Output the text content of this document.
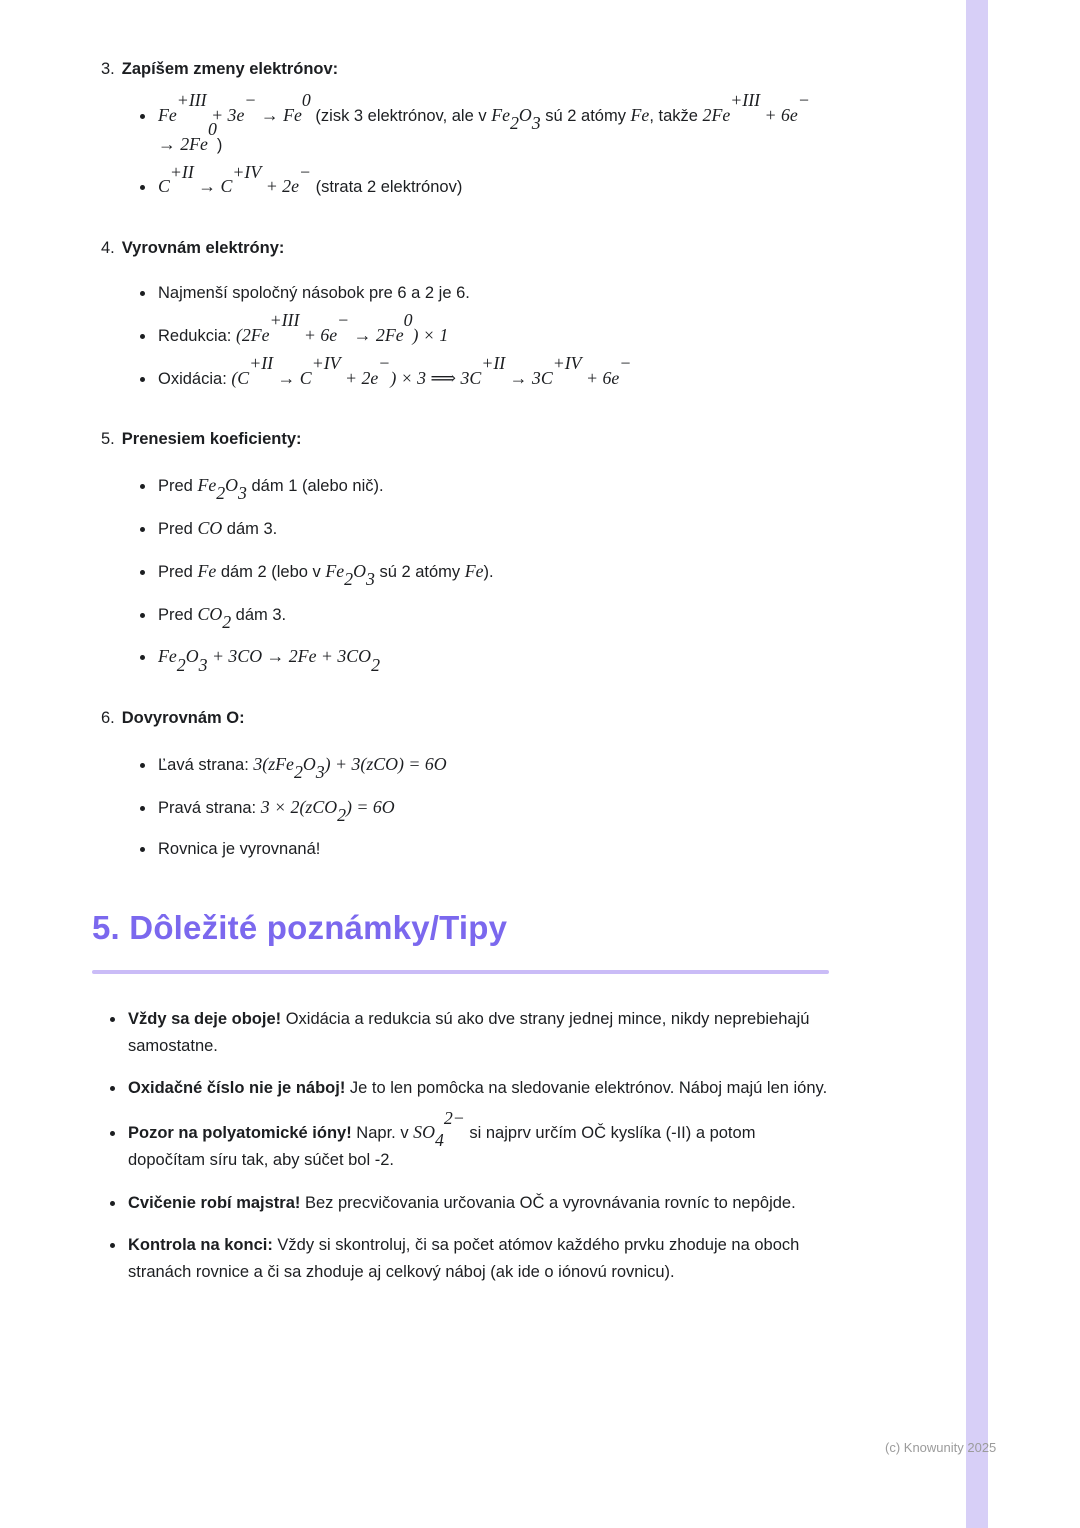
3. Zapíšem zmeny elektrónov:

• $Fe^{+III} + 3e^- \to Fe^0$ (zisk 3 elektrónov, ale v $Fe_2O_3$ sú 2 atómy Fe, takže $2Fe^{+III} + 6e^- \to 2Fe^0$)
• $C^{+II} \to C^{+IV} + 2e^-$ (strata 2 elektrónov)

4. Vyrovnám elektróny:

• Najmenší spoločný násobok pre 6 a 2 je 6.
• Redukcia: $(2Fe^{+III} + 6e^- \to 2Fe^0) \times 1$
• Oxidácia: $(C^{+II} \to C^{+IV} + 2e^-) \times 3$ ⟹ $3C^{+II} \to 3C^{+IV} + 6e^-$

5. Prenesiem koeficienty:

• Pred $Fe_2O_3$ dám 1 (alebo nič).
• Pred CO dám 3.
• Pred Fe dám 2 (lebo v $Fe_2O_3$ sú 2 atómy Fe).
• Pred $CO_2$ dám 3.
• $Fe_2O_3 + 3CO \to 2Fe + 3CO_2$

6. Dovyrovnám O:

• Ľavá strana: $3(zFe_2O_3) + 3(zCO) = 6O$
• Pravá strana: 3 × 2(zCO$_2$) = 6O
• Rovnica je vyrovnaná!
5. Dôležité poznámky/Tipy
• Vždy sa deje oboje! Oxidácia a redukcia sú ako dve strany jednej mince, nikdy neprebiehajú samostatne.
• Oxidačné číslo nie je náboj! Je to len pomôcka na sledovanie elektrónov. Náboj majú len ióny.
• Pozor na polyatomické ióny! Napr. v $SO_4^{2-}$ si najprv určím OČ kyslíka (-II) a potom dopočítam síru tak, aby súčet bol -2.
• Cvičenie robí majstra! Bez precvičovania určovania OČ a vyrovnávania rovníc to nepôjde.
• Kontrola na konci: Vždy si skontroluj, či sa počet atómov každého prvku zhoduje na oboch stranách rovnice a či sa zhoduje aj celkový náboj (ak ide o iónovú rovnicu).
(c) Knowunity 2025
